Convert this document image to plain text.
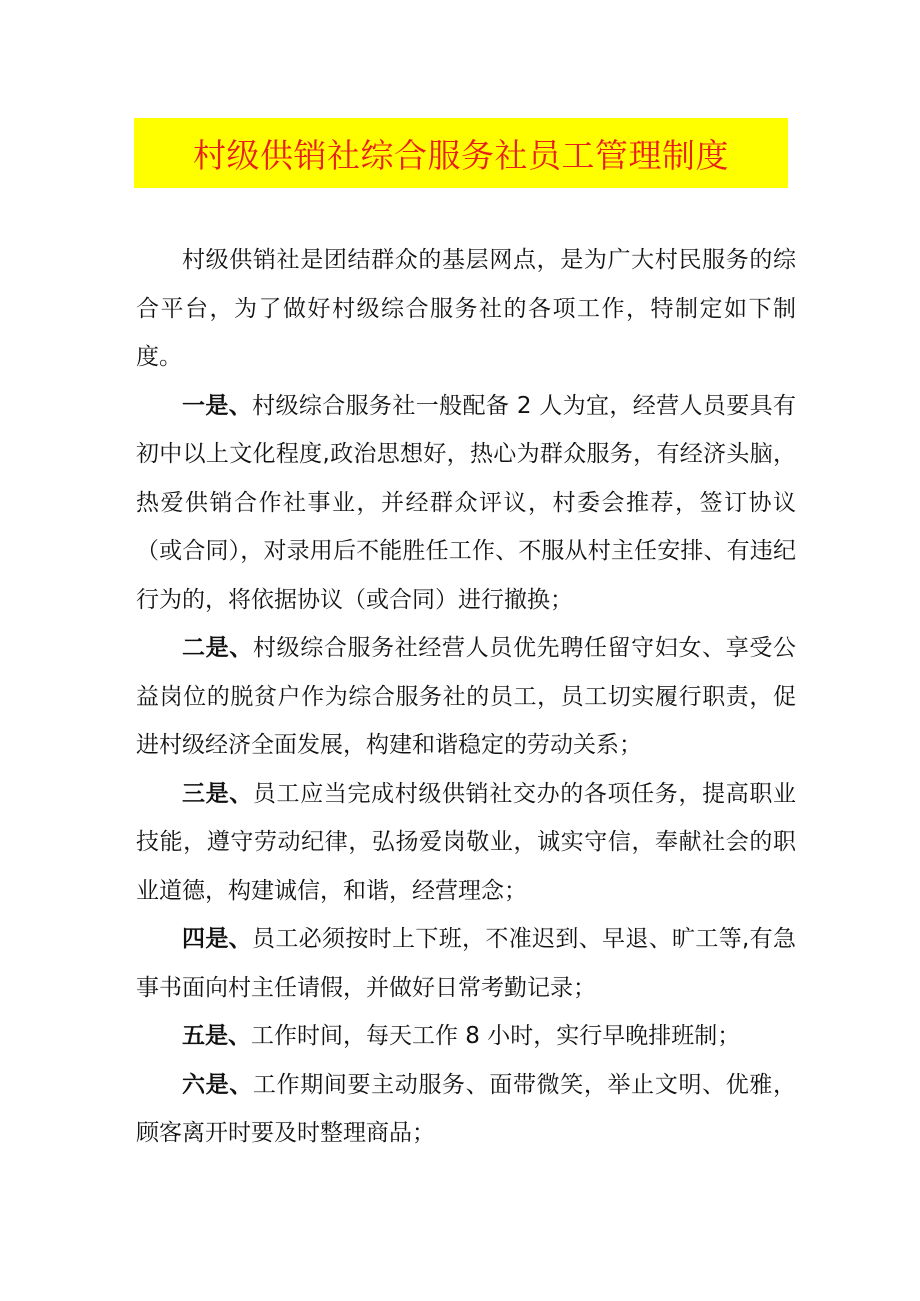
村级供销社综合服务社员工管理制度

村级供销社是团结群众的基层网点，是为广大村民服务的综合平台，为了做好村级综合服务社的各项工作，特制定如下制度。

一是、村级综合服务社一般配备 2 人为宜，经营人员要具有初中以上文化程度,政治思想好，热心为群众服务，有经济头脑，热爱供销合作社事业，并经群众评议，村委会推荐，签订协议（或合同），对录用后不能胜任工作、不服从村主任安排、有违纪行为的，将依据协议（或合同）进行撤换；

二是、村级综合服务社经营人员优先聘任留守妇女、享受公益岗位的脱贫户作为综合服务社的员工，员工切实履行职责，促进村级经济全面发展，构建和谐稳定的劳动关系；

三是、员工应当完成村级供销社交办的各项任务，提高职业技能，遵守劳动纪律，弘扬爱岗敬业，诚实守信，奉献社会的职业道德，构建诚信，和谐，经营理念；

四是、员工必须按时上下班，不准迟到、早退、旷工等,有急事书面向村主任请假，并做好日常考勤记录；

五是、工作时间，每天工作 8 小时，实行早晚排班制；

六是、工作期间要主动服务、面带微笑，举止文明、优雅，顾客离开时要及时整理商品；
